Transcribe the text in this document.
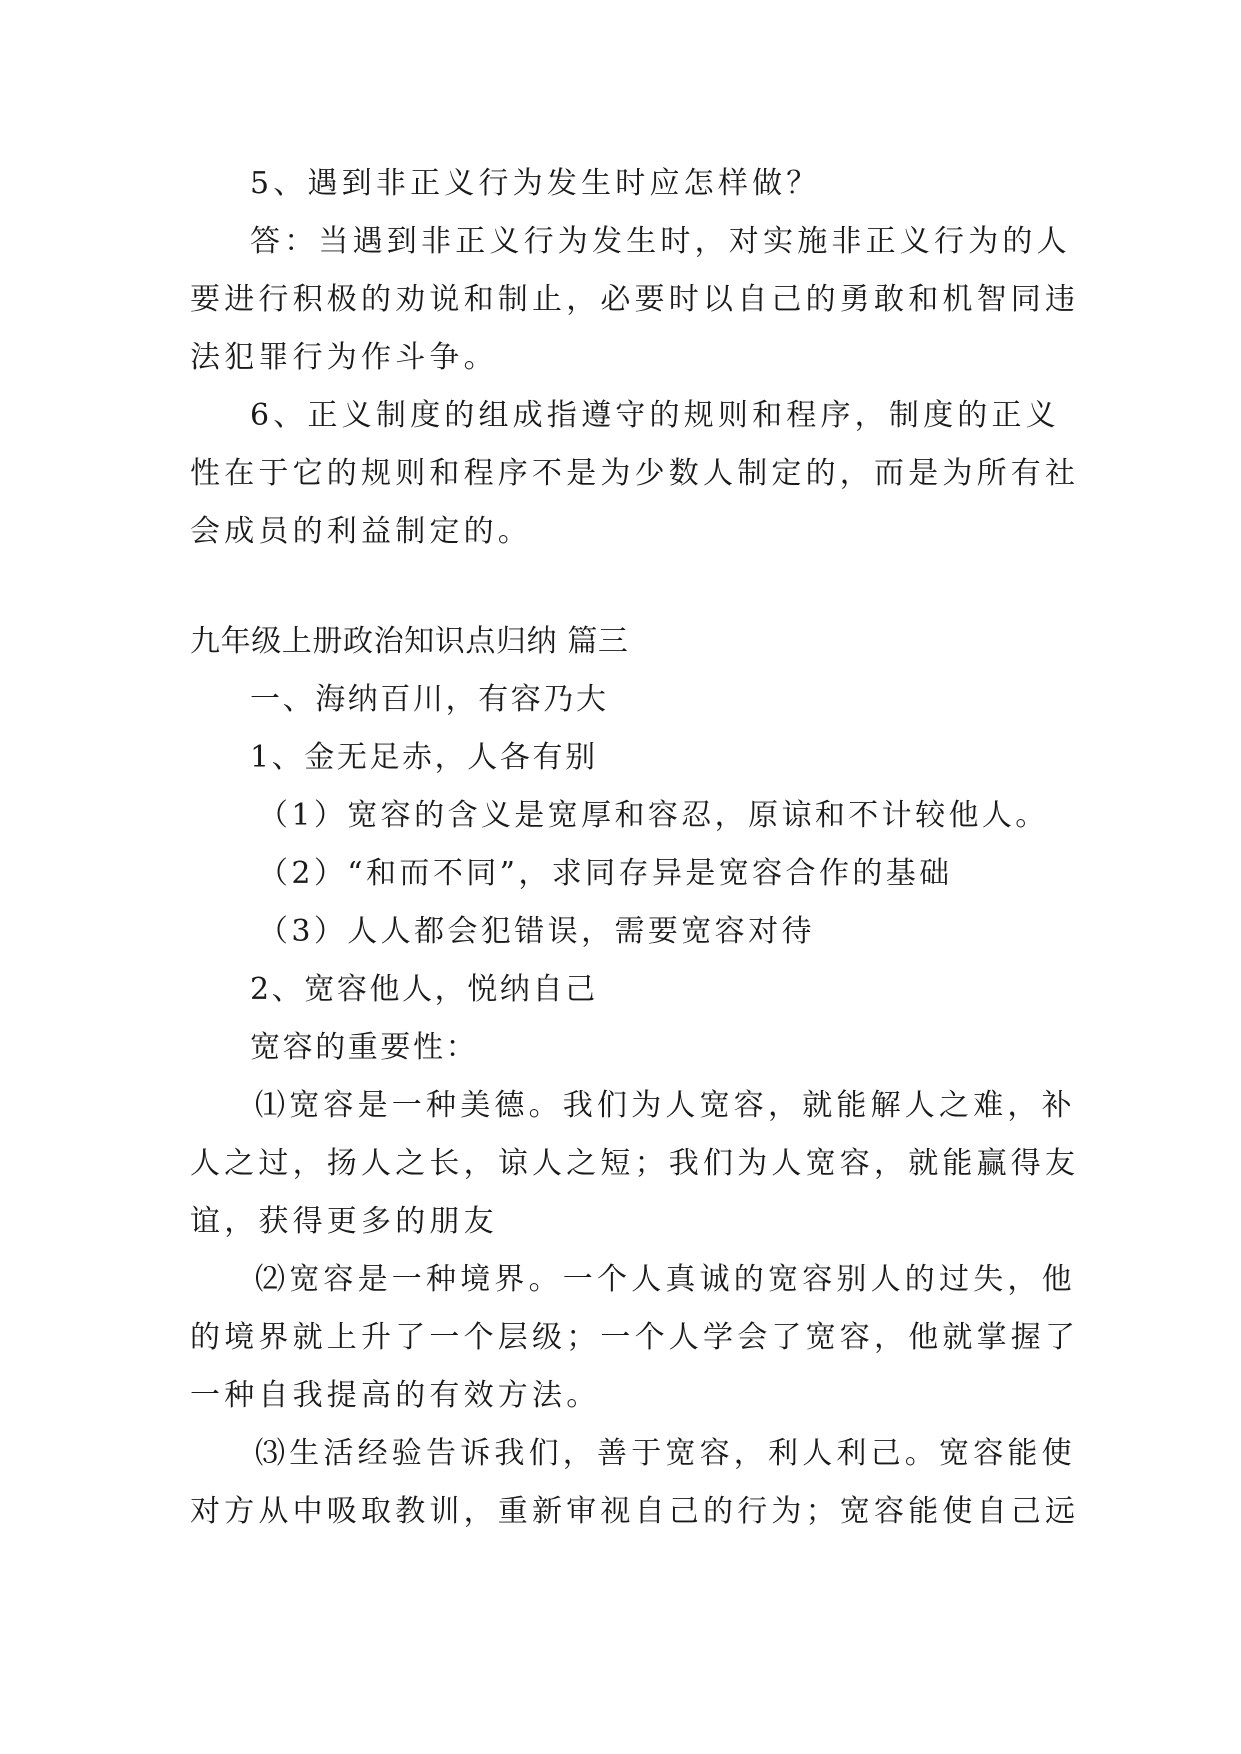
5、遇到非正义行为发生时应怎样做？
答：当遇到非正义行为发生时，对实施非正义行为的人
要进行积极的劝说和制止，必要时以自己的勇敢和机智同违
法犯罪行为作斗争。
6、正义制度的组成指遵守的规则和程序，制度的正义
性在于它的规则和程序不是为少数人制定的，而是为所有社
会成员的利益制定的。
九年级上册政治知识点归纳 篇三
一、海纳百川，有容乃大
1、金无足赤，人各有别
（1）宽容的含义是宽厚和容忍，原谅和不计较他人。
（2）“和而不同”，求同存异是宽容合作的基础
（3）人人都会犯错误，需要宽容对待
2、宽容他人，悦纳自己
宽容的重要性：
⑴宽容是一种美德。我们为人宽容，就能解人之难，补
人之过，扬人之长，谅人之短；我们为人宽容，就能赢得友
谊，获得更多的朋友
⑵宽容是一种境界。一个人真诚的宽容别人的过失，他
的境界就上升了一个层级；一个人学会了宽容，他就掌握了
一种自我提高的有效方法。
⑶生活经验告诉我们，善于宽容，利人利己。宽容能使
对方从中吸取教训，重新审视自己的行为；宽容能使自己远
